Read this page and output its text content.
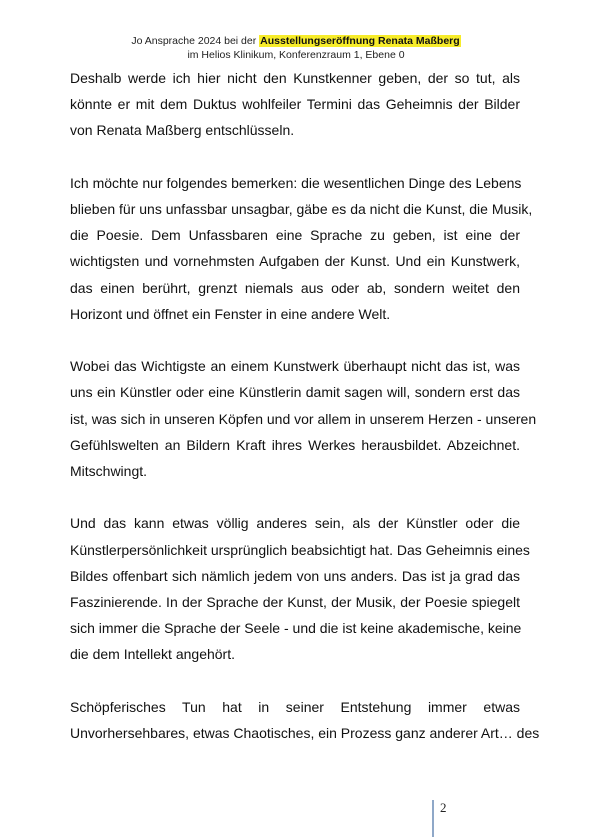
Jo Ansprache 2024 bei der Ausstellungseröffnung Renata Maßberg
im Helios Klinikum, Konferenzraum 1, Ebene 0
Deshalb werde ich hier nicht den Kunstkenner geben, der so tut, als
könnte er mit dem Duktus wohlfeiler Termini das Geheimnis der Bilder
von Renata Maßberg entschlüsseln.
Ich möchte nur folgendes bemerken: die wesentlichen Dinge des Lebens
blieben für uns unfassbar unsagbar, gäbe es da nicht die Kunst, die Musik,
die Poesie. Dem Unfassbaren eine Sprache zu geben, ist eine der
wichtigsten und vornehmsten Aufgaben der Kunst. Und ein Kunstwerk,
das einen berührt, grenzt niemals aus oder ab, sondern weitet den
Horizont und öffnet ein Fenster in eine andere Welt.
Wobei das Wichtigste an einem Kunstwerk überhaupt nicht das ist, was
uns ein Künstler oder eine Künstlerin damit sagen will, sondern erst das
ist, was sich in unseren Köpfen und vor allem in unserem Herzen - unseren
Gefühlswelten an Bildern Kraft ihres Werkes herausbildet. Abzeichnet.
Mitschwingt.
Und das kann etwas völlig anderes sein, als der Künstler oder die
Künstlerpersönlichkeit ursprünglich beabsichtigt hat. Das Geheimnis eines
Bildes offenbart sich nämlich jedem von uns anders. Das ist ja grad das
Faszinierende. In der Sprache der Kunst, der Musik, der Poesie spiegelt
sich immer die Sprache der Seele - und die ist keine akademische, keine
die dem Intellekt angehört.
Schöpferisches Tun hat in seiner Entstehung immer etwas
Unvorhersehbares, etwas Chaotisches, ein Prozess ganz anderer Art… des
2
